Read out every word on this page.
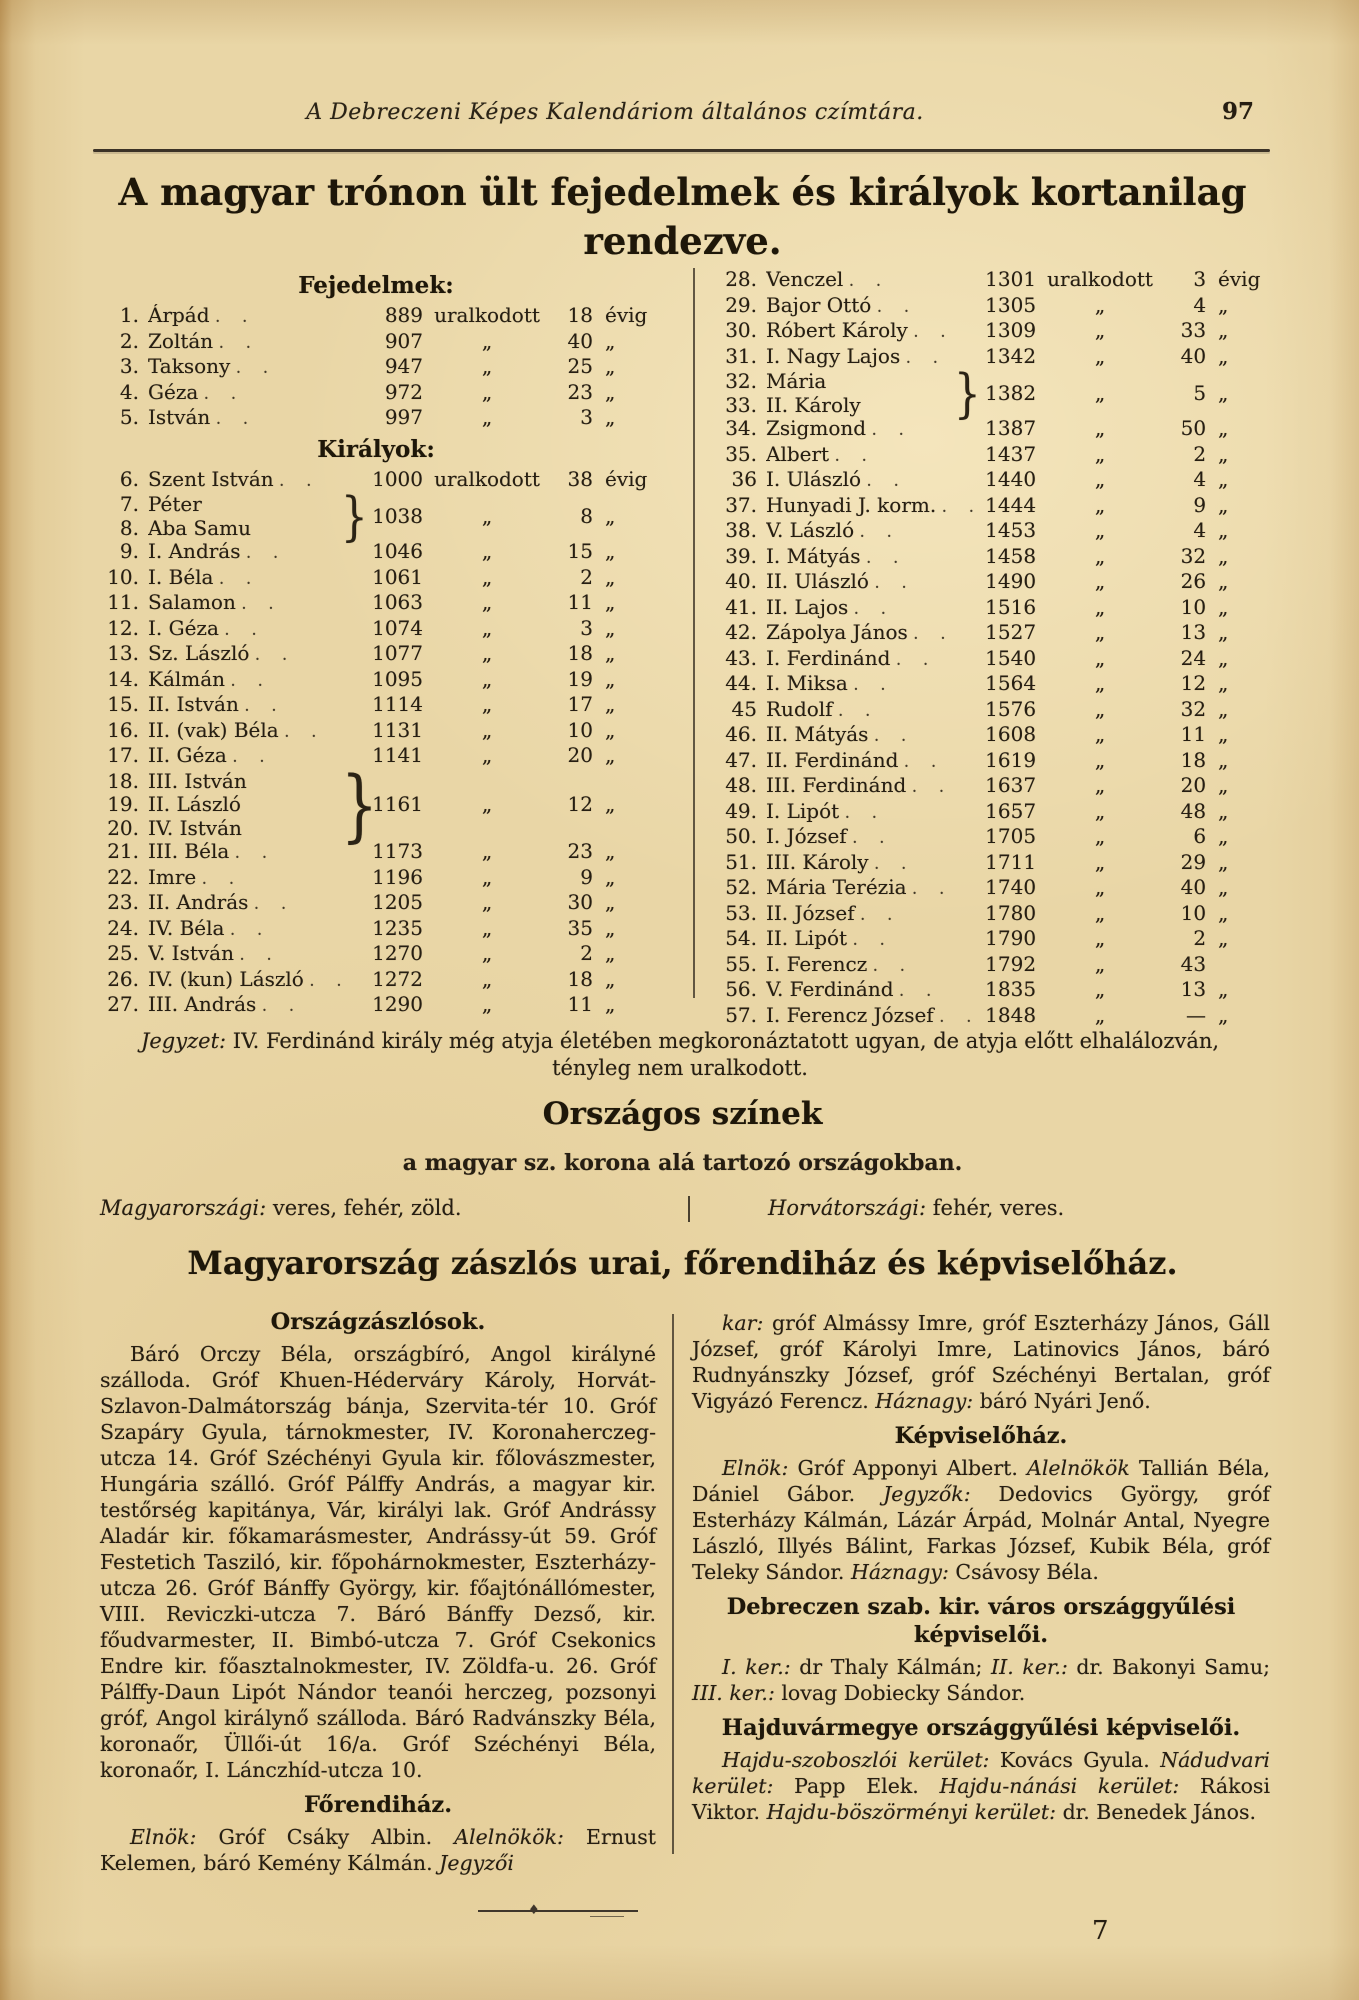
A Debreczeni Képes Kalendáriom általános czímtára.	97
A magyar trónon ült fejedelmek és királyok kortanilag
rendezve.
Fejedelmek:
1. Árpád .    .	889 uralkodott	18 évig
2. Zoltán .    .	907	„	40 „
3. Taksony .    .	947	„	25 „
4. Géza .    .	972	„	23 „
5. István .    .	997	„	3 „
Királyok:
6. Szent István .    .	1000 uralkodott	38 évig
7. Péter
8. Aba Samu	} 1038	„	8 „
9. I. András .    .	1046	„	15 „
10. I. Béla .    .	1061	„	2 „
11. Salamon .    .	1063	„	11 „
12. I. Géza .    .	1074	„	3 „
13. Sz. László .    .	1077	„	18 „
14. Kálmán .    .	1095	„	19 „
15. II. István .    .	1114	„	17 „
16. II. (vak) Béla .    .	1131	„	10 „
17. II. Géza .    .	1141	„	20 „
18. III. István
19. II. László
20. IV. István	}
1161	„	12 „
21. III. Béla .    .	1173	„	23 „
22. Imre .    .	1196	„	9 „
23. II. András .    .	1205	„	30 „
24. IV. Béla .    .	1235	„	35 „
25. V. István .    .	1270	„	2 „
26. IV. (kun) László .    .	1272	„	18 „
27. III. András .    .	1290	„	11 „
28. Venczel .    .	1301 uralkodott	3 évig
29. Bajor Ottó .    .	1305	„	4 „
30. Róbert Károly .    .	1309	„	33 „
31. I. Nagy Lajos .    .	1342	„	40 „
32. Mária
33. II. Károly	} 1382	„	5 „
34. Zsigmond .    .	1387	„	50 „
35. Albert .    .	1437	„	2 „
36 I. Ulászló .    .	1440	„	4 „
37. Hunyadi J. korm. .    .	1444	„	9 „
38. V. László .    .	1453	„	4 „
39. I. Mátyás .    .	1458	„	32 „
40. II. Ulászló .    .	1490	„	26 „
41. II. Lajos .    .	1516	„	10 „
42. Zápolya János .    .	1527	„	13 „
43. I. Ferdinánd .    .	1540	„	24 „
44. I. Miksa .    .	1564	„	12 „
45 Rudolf .    .	1576	„	32 „
46. II. Mátyás .    .	1608	„	11 „
47. II. Ferdinánd .    .	1619	„	18 „
48. III. Ferdinánd .    .	1637	„	20 „
49. I. Lipót .    .	1657	„	48 „
50. I. József .    .	1705	„	6 „
51. III. Károly .    .	1711	„	29 „
52. Mária Terézia .    .	1740	„	40 „
53. II. József .    .	1780	„	10 „
54. II. Lipót .    .	1790	„	2 „
55. I. Ferencz .    .	1792	„	43
56. V. Ferdinánd .    .	1835	„	13 „
57. I. Ferencz József .    .	1848	„	— „

Jegyzet: IV. Ferdinánd király még atyja életében megkoronáztatott ugyan, de atyja előtt elhalálozván, tényleg nem uralkodott.

Országos színek
a magyar sz. korona alá tartozó országokban.
Magyarországi: veres, fehér, zöld.	Horvátországi: fehér, veres.
Magyarország zászlós urai, főrendiház és képviselőház.
Országzászlósok.

Báró Orczy Béla, országbíró, Angol királyné szálloda. Gróf Khuen-Héderváry Károly, Horvát-Szlavon-Dalmátország bánja, Szervita-tér 10. Gróf Szapáry Gyula, tárnokmester, IV. Koronaherczeg-utcza 14. Gróf Széchényi Gyula kir. főlovászmester, Hungária szálló. Gróf Pálffy András, a magyar kir. testőrség kapitánya, Vár, királyi lak. Gróf Andrássy Aladár kir. főkamarásmester, Andrássy-út 59. Gróf Festetich Tasziló, kir. főpohárnokmester, Eszterházy-utcza 26. Gróf Bánffy György, kir. főajtónállómester, VIII. Reviczki-utcza 7. Báró Bánffy Dezső, kir. főudvarmester, II. Bimbó-utcza 7. Gróf Csekonics Endre kir. főasztalnokmester, IV. Zöldfa-u. 26. Gróf Pálffy-Daun Lipót Nándor teanói herczeg, pozsonyi gróf, Angol királynő szálloda. Báró Radvánszky Béla, koronaőr, Üllői-út 16/a. Gróf Széchényi Béla, koronaőr, I. Lánczhíd-utcza 10.

Főrendiház.

Elnök: Gróf Csáky Albin. Alelnökök: Ernust Kelemen, báró Kemény Kálmán. Jegyzői

kar: gróf Almássy Imre, gróf Eszterházy János, Gáll József, gróf Károlyi Imre, Latinovics János, báró Rudnyánszky József, gróf Széchényi Bertalan, gróf Vigyázó Ferencz. Háznagy: báró Nyári Jenő.

Képviselőház.

Elnök: Gróf Apponyi Albert. Alelnökök Tallián Béla, Dániel Gábor. Jegyzők: Dedovics György, gróf Esterházy Kálmán, Lázár Árpád, Molnár Antal, Nyegre László, Illyés Bálint, Farkas József, Kubik Béla, gróf Teleky Sándor. Háznagy: Csávosy Béla.

Debreczen szab. kir. város országgyűlési képviselői.

I. ker.: dr Thaly Kálmán; II. ker.: dr. Bakonyi Samu; III. ker.: lovag Dobiecky Sándor.

Hajduvármegye országgyűlési képviselői.

Hajdu-szoboszlói kerület: Kovács Gyula. Nádudvari kerület: Papp Elek. Hajdu-nánási kerület: Rákosi Viktor. Hajdu-böszörményi kerület: dr. Benedek János.

♦
7
